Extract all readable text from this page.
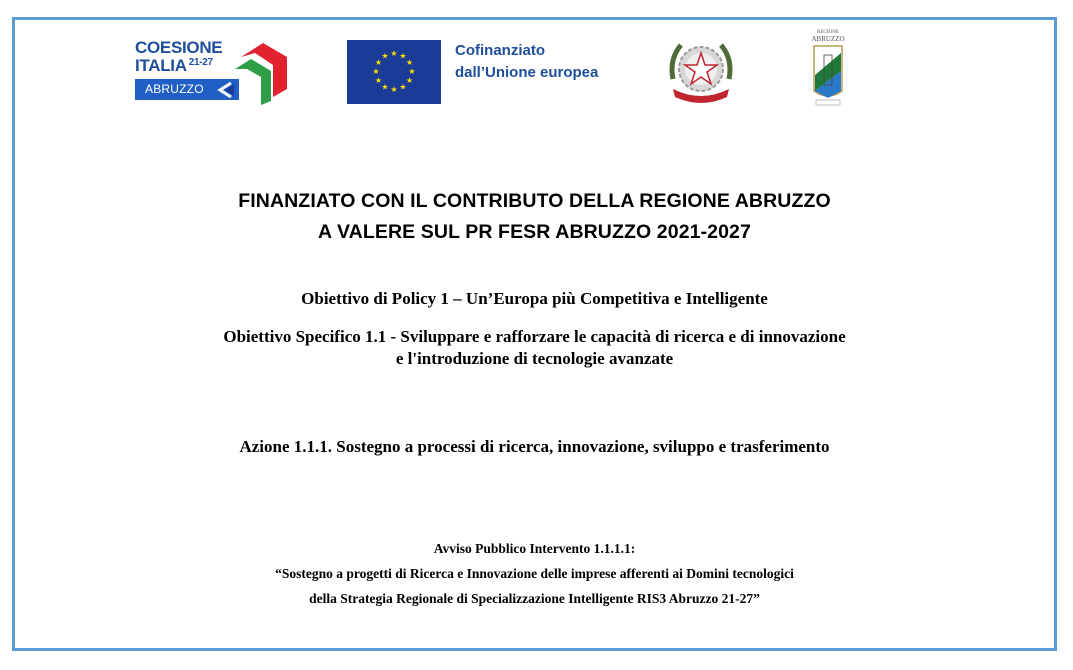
COESIONE
ITALIA $^{21-27}$
ABRUZZO
★ ★
★
★
★
★
★
★
★
★
★
★	Cofinanziato
dall’Unione europea
REGIONE
ABRUZZO
FINANZIATO CON IL CONTRIBUTO DELLA REGIONE ABRUZZO
A VALERE SUL PR FESR ABRUZZO 2021-2027
Obiettivo di Policy 1 – Un’Europa più Competitiva e Intelligente
Obiettivo Specifico 1.1 - Sviluppare e rafforzare le capacità di ricerca e di innovazione
e l'introduzione di tecnologie avanzate
Azione 1.1.1. Sostegno a processi di ricerca, innovazione, sviluppo e trasferimento
Avviso Pubblico Intervento 1.1.1.1:
“Sostegno a progetti di Ricerca e Innovazione delle imprese afferenti ai Domini tecnologici
della Strategia Regionale di Specializzazione Intelligente RIS3 Abruzzo 21-27”
